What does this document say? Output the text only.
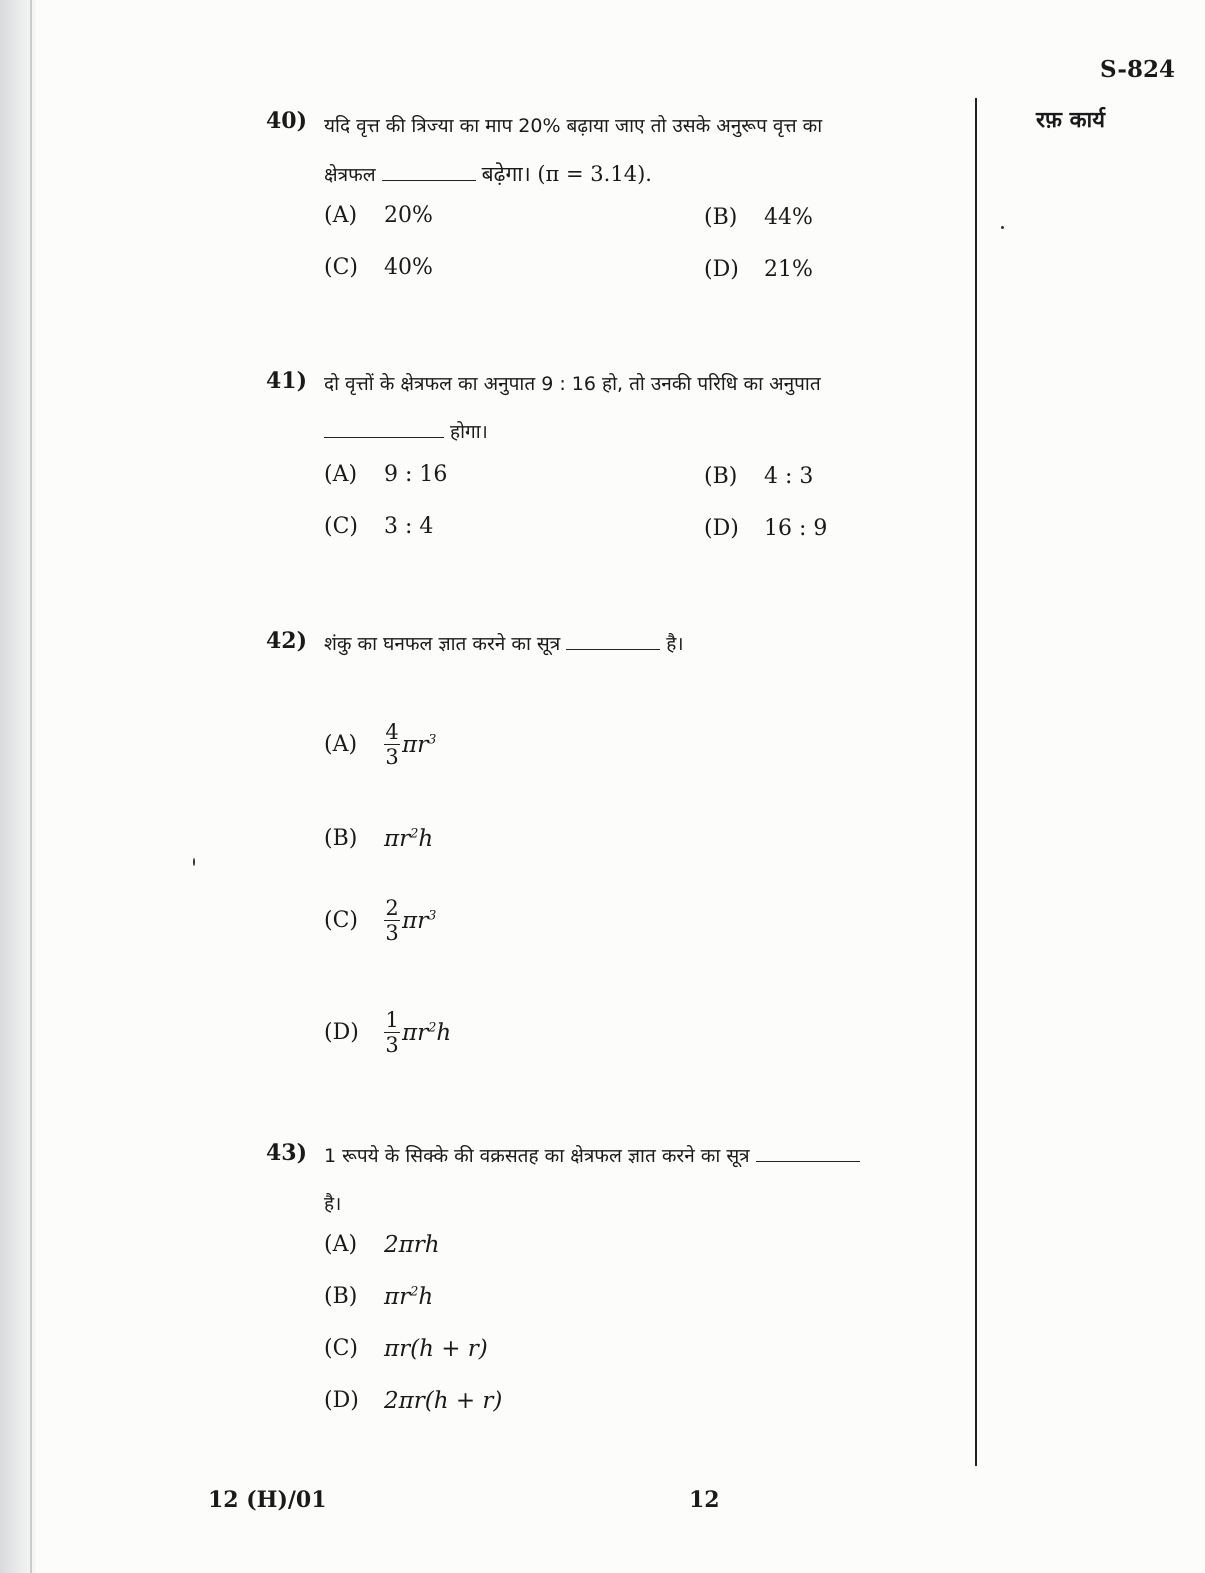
S-824
रफ़ कार्य
40) यदि वृत्त की त्रिज्या का माप 20% बढ़ाया जाए तो उसके अनुरूप वृत्त का
क्षेत्रफल	बढ़ेगा। (π = 3.14).
(A) 20%	(B) 44%
(C) 40%	(D) 21%
41) दो वृत्तों के क्षेत्रफल का अनुपात 9 : 16 हो, तो उनकी परिधि का अनुपात
होगा।
(A) 9 : 16	(B) 4 : 3
(C) 3 : 4	(D) 16 : 9
42) शंकु का घनफल ज्ञात करने का सूत्र	है।
$(A) \frac{4}{3} \pi r^3$
(B) $\pi r^2h$
$(C) \frac{2}{3} \pi r^3$
$(D) \frac{1}{3} \pi r^2h$
43) 1 रूपये के सिक्के की वक्रसतह का क्षेत्रफल ज्ञात करने का सूत्र
है।
(A) 2πrh
(B) $\pi r^2h$
(C) πr(h + r)
(D) 2πr(h + r)
12 (H)/01	12
